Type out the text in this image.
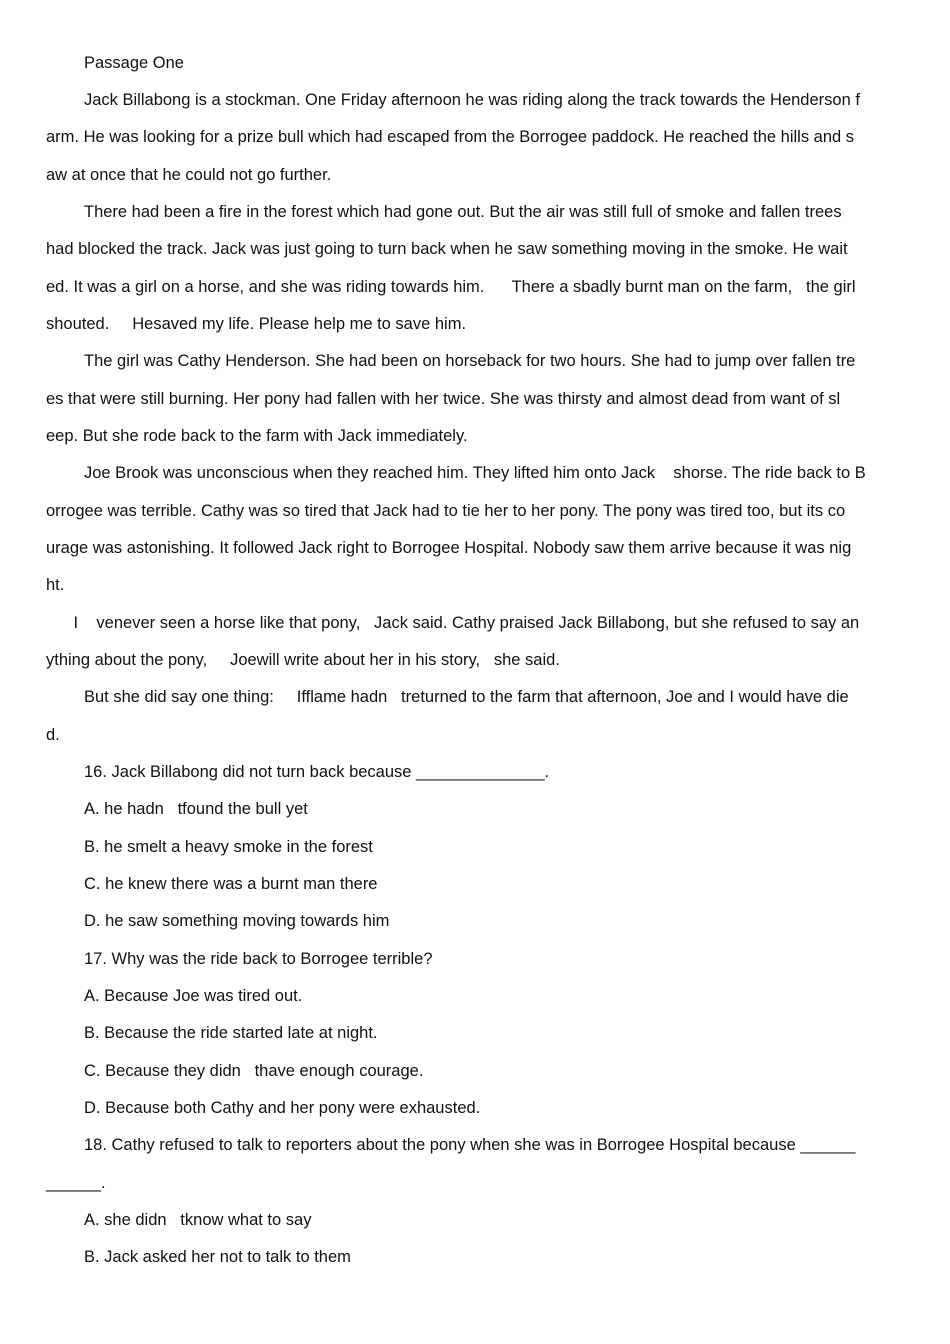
Passage One
Jack Billabong is a stockman. One Friday afternoon he was riding along the track towards the Henderson f
arm. He was looking for a prize bull which had escaped from the Borrogee paddock. He reached the hills and s
aw at once that he could not go further.
There had been a fire in the forest which had gone out. But the air was still full of smoke and fallen trees
had blocked the track. Jack was just going to turn back when he saw something moving in the smoke. He wait
ed. It was a girl on a horse, and she was riding towards him.      There a sbadly burnt man on the farm,   the girl
shouted.     Hesaved my life. Please help me to save him.
The girl was Cathy Henderson. She had been on horseback for two hours. She had to jump over fallen tre
es that were still burning. Her pony had fallen with her twice. She was thirsty and almost dead from want of sl
eep. But she rode back to the farm with Jack immediately.
Joe Brook was unconscious when they reached him. They lifted him onto Jack    shorse. The ride back to B
orrogee was terrible. Cathy was so tired that Jack had to tie her to her pony. The pony was tired too, but its co
urage was astonishing. It followed Jack right to Borrogee Hospital. Nobody saw them arrive because it was nig
ht.
I    venever seen a horse like that pony,   Jack said. Cathy praised Jack Billabong, but she refused to say an
ything about the pony,     Joewill write about her in his story,   she said.
But she did say one thing:     Ifflame hadn   treturned to the farm that afternoon, Joe and I would have die
d.
16. Jack Billabong did not turn back because ______________.
A. he hadn   tfound the bull yet
B. he smelt a heavy smoke in the forest
C. he knew there was a burnt man there
D. he saw something moving towards him
17. Why was the ride back to Borrogee terrible?
A. Because Joe was tired out.
B. Because the ride started late at night.
C. Because they didn   thave enough courage.
D. Because both Cathy and her pony were exhausted.
18. Cathy refused to talk to reporters about the pony when she was in Borrogee Hospital because ______
______.
A. she didn   tknow what to say
B. Jack asked her not to talk to them
